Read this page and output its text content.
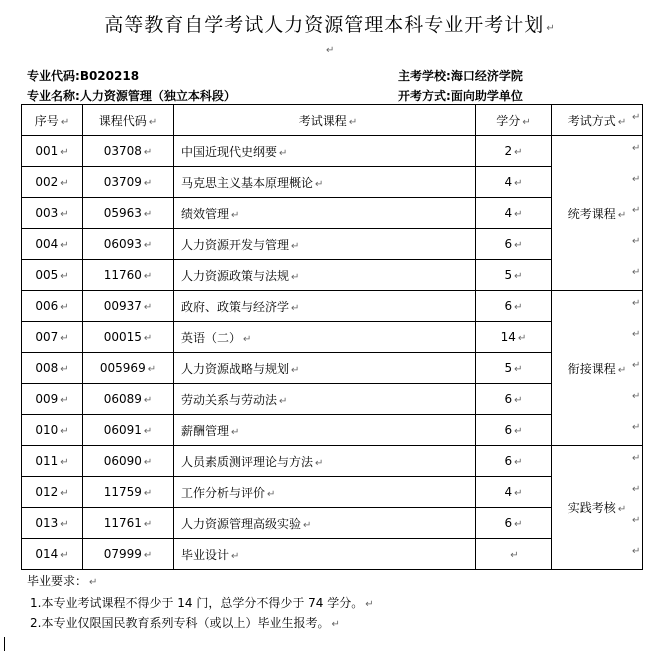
高等教育自学考试人力资源管理本科专业开考计划 ↵
↵
专业代码:B020218	主考学校:海口经济学院
专业名称:人力资源管理（独立本科段）	开考方式:面向助学单位
序号 ↵	课程代码 ↵	考试课程 ↵	学分 ↵	考试方式 ↵
001 ↵	03708 ↵	中国近现代史纲要 ↵	2 ↵	统考课程 ↵
002 ↵	03709 ↵	马克思主义基本原理概论 ↵	4 ↵	
003 ↵	05963 ↵	绩效管理 ↵	4 ↵	
004 ↵	06093 ↵	人力资源开发与管理 ↵	6 ↵	
005 ↵	11760 ↵	人力资源政策与法规 ↵	5 ↵	
006 ↵	00937 ↵	政府、政策与经济学 ↵	6 ↵	衔接课程 ↵
007 ↵	00015 ↵	英语（二） ↵	14 ↵	
008 ↵	005969 ↵	人力资源战略与规划 ↵	5 ↵	
009 ↵	06089 ↵	劳动关系与劳动法 ↵	6 ↵	
010 ↵	06091 ↵	薪酬管理 ↵	6 ↵	
011 ↵	06090 ↵	人员素质测评理论与方法 ↵	6 ↵	实践考核 ↵
012 ↵	11759 ↵	工作分析与评价 ↵	4 ↵	
013 ↵	11761 ↵	人力资源管理高级实验 ↵	6 ↵	
014 ↵	07999 ↵	毕业设计 ↵	↵	
↵
↵
↵
↵
↵
↵
↵
↵
↵
↵
↵
↵
↵
↵
↵
毕业要求： ↵
1.本专业考试课程不得少于 14 门，总学分不得少于 74 学分。 ↵
2.本专业仅限国民教育系列专科（或以上）毕业生报考。 ↵
